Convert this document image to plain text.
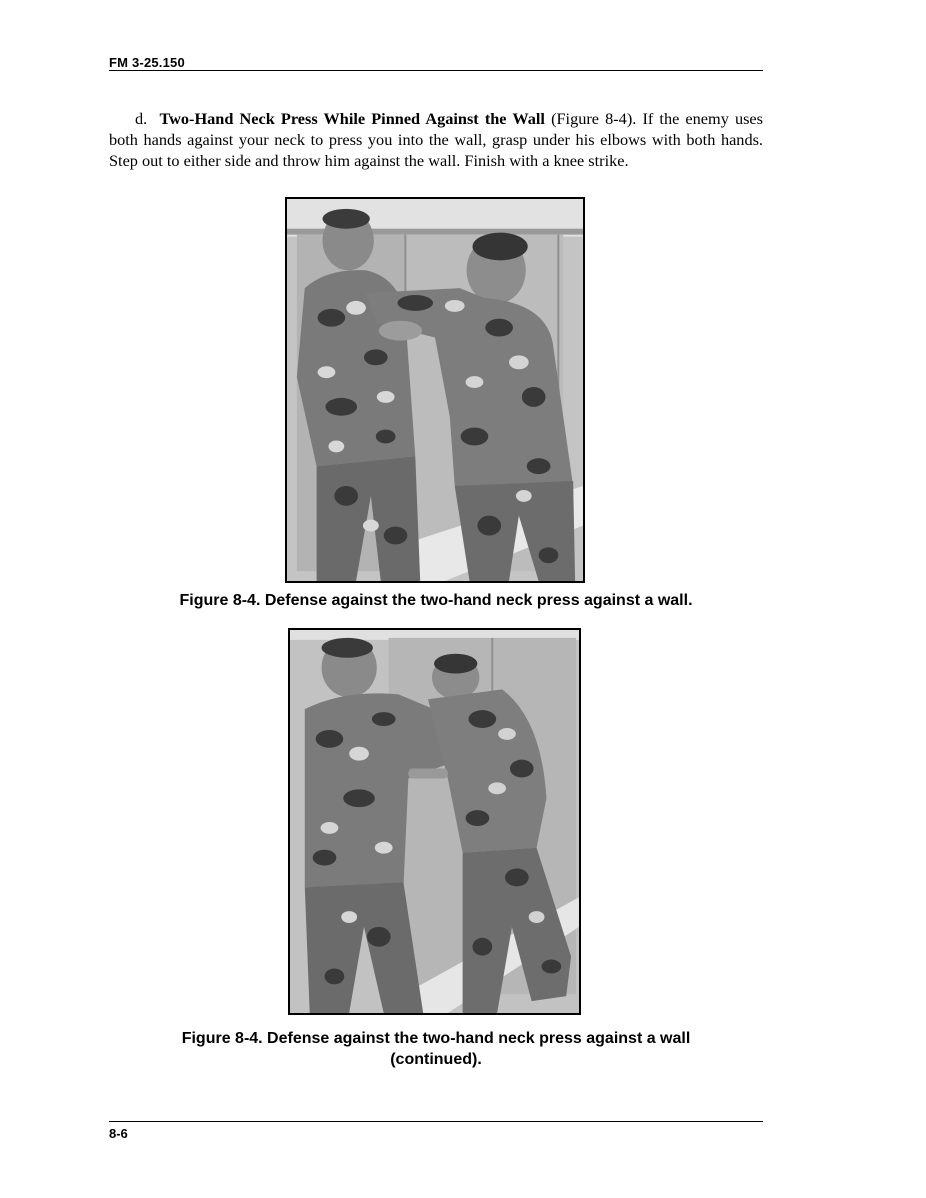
FM 3-25.150
d. Two-Hand Neck Press While Pinned Against the Wall (Figure 8-4). If the enemy uses both hands against your neck to press you into the wall, grasp under his elbows with both hands. Step out to either side and throw him against the wall. Finish with a knee strike.
Figure 8-4. Defense against the two-hand neck press against a wall.
Figure 8-4. Defense against the two-hand neck press against a wall
(continued).
8-6
